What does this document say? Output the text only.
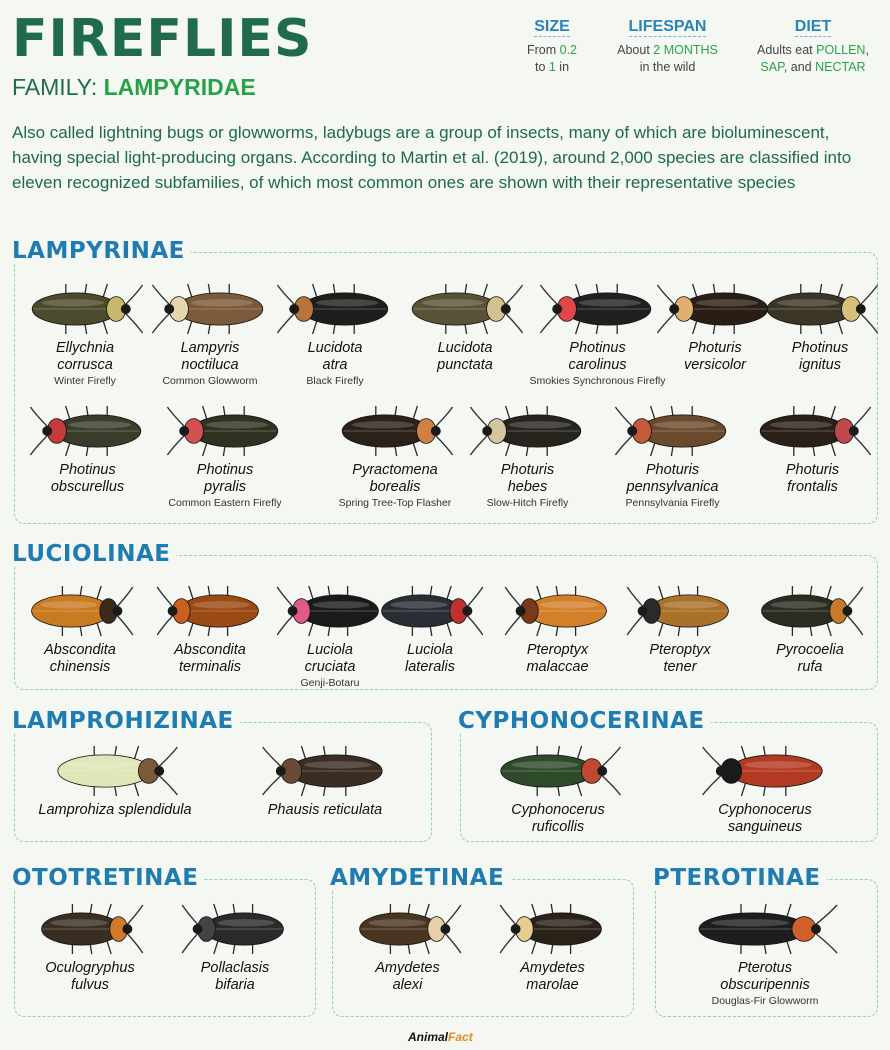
FIREFLIES
FAMILY: LAMPYRIDAE
SIZE
From 0.2
to 1 in
LIFESPAN
About 2 MONTHS
in the wild
DIET
Adults eat POLLEN,
SAP, and NECTAR
Also called lightning bugs or glowworms, ladybugs are a group of insects, many of which are bioluminescent, having special light-producing organs. According to Martin et al. (2019), around 2,000 species are classified into eleven recognized subfamilies, of which most common ones are shown with their representative species
LAMPYRINAE
Ellychnia
corrusca
Winter Firefly
Lampyris
noctiluca
Common Glowworm
Lucidota
atra
Black Firefly
Lucidota
punctata
Photinus
carolinus
Smokies Synchronous Firefly
Photuris
versicolor
Photinus
ignitus
Photinus
obscurellus
Photinus
pyralis
Common Eastern Firefly
Pyractomena
borealis
Spring Tree-Top Flasher
Photuris
hebes
Slow-Hitch Firefly
Photuris
pennsylvanica
Pennsylvania Firefly
Photuris
frontalis
LUCIOLINAE
Abscondita
chinensis
Abscondita
terminalis
Luciola
cruciata
Genji-Botaru
Luciola
lateralis
Pteroptyx
malaccae
Pteroptyx
tener
Pyrocoelia
rufa
LAMPROHIZINAE
Lamprohiza splendidula	Phausis reticulata
CYPHONOCERINAE
Cyphonocerus
ruficollis
Cyphonocerus
sanguineus
OTOTRETINAE
Oculogryphus
fulvus
Pollaclasis
bifaria
AMYDETINAE
Amydetes
alexi
Amydetes
marolae
PTEROTINAE
Pterotus
obscuripennis
Douglas-Fir Glowworm
AnimalFact
